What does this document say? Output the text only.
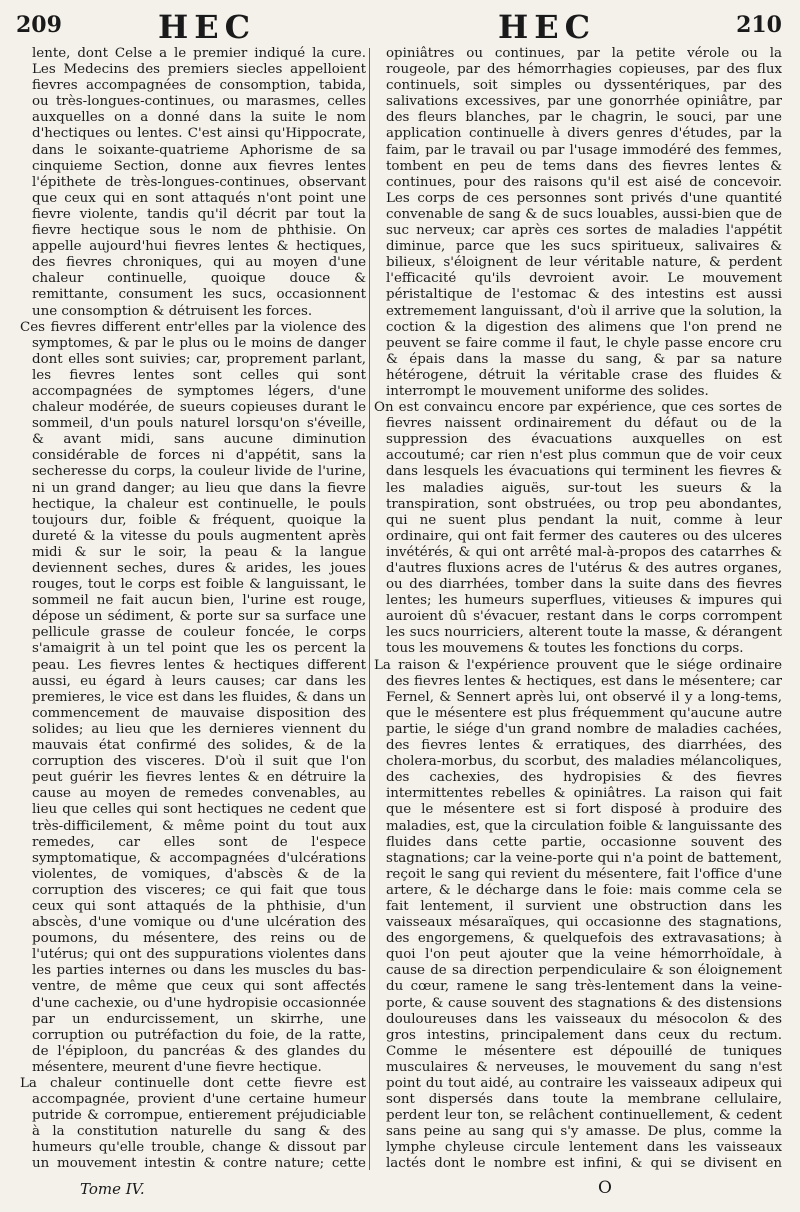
209	HEC	HEC	210

lente, dont Celse a le premier indiqué la cure. Les Medecins des premiers siecles appelloient fievres accompagnées de consomption, tabida, ou très-longues-continues, ou marasmes, celles auxquelles on a donné dans la suite le nom d'hectiques ou lentes. C'est ainsi qu'Hippocrate, dans le soixante-quatrieme Aphorisme de sa cinquieme Section, donne aux fievres lentes l'épithete de très-longues-continues, observant que ceux qui en sont attaqués n'ont point une fievre violente, tandis qu'il décrit par tout la fievre hectique sous le nom de phthisie. On appelle aujourd'hui fievres lentes & hectiques, des fievres chroniques, qui au moyen d'une chaleur continuelle, quoique douce & remittante, consument les sucs, occasionnent une consomption & détruisent les forces.

Ces fievres different entr'elles par la violence des symptomes, & par le plus ou le moins de danger dont elles sont suivies; car, proprement parlant, les fievres lentes sont celles qui sont accompagnées de symptomes légers, d'une chaleur modérée, de sueurs copieuses durant le sommeil, d'un pouls naturel lorsqu'on s'éveille, & avant midi, sans aucune diminution considérable de forces ni d'appétit, sans la secheresse du corps, la couleur livide de l'urine, ni un grand danger; au lieu que dans la fievre hectique, la chaleur est continuelle, le pouls toujours dur, foible & fréquent, quoique la dureté & la vitesse du pouls augmentent après midi & sur le soir, la peau & la langue deviennent seches, dures & arides, les joues rouges, tout le corps est foible & languissant, le sommeil ne fait aucun bien, l'urine est rouge, dépose un sédiment, & porte sur sa surface une pellicule grasse de couleur foncée, le corps s'amaigrit à un tel point que les os percent la peau. Les fievres lentes & hectiques different aussi, eu égard à leurs causes; car dans les premieres, le vice est dans les fluides, & dans un commencement de mauvaise disposition des solides; au lieu que les dernieres viennent du mauvais état confirmé des solides, & de la corruption des visceres. D'où il suit que l'on peut guérir les fievres lentes & en détruire la cause au moyen de remedes convenables, au lieu que celles qui sont hectiques ne cedent que très-difficilement, & même point du tout aux remedes, car elles sont de l'espece symptomatique, & accompagnées d'ulcérations violentes, de vomiques, d'abscès & de la corruption des visceres; ce qui fait que tous ceux qui sont attaqués de la phthisie, d'un abscès, d'une vomique ou d'une ulcération des poumons, du mésentere, des reins ou de l'utérus; qui ont des suppurations violentes dans les parties internes ou dans les muscles du bas-ventre, de même que ceux qui sont affectés d'une cachexie, ou d'une hydropisie occasionnée par un endurcissement, un skirrhe, une corruption ou putréfaction du foie, de la ratte, de l'épiploon, du pancréas & des glandes du mésentere, meurent d'une fievre hectique.

La chaleur continuelle dont cette fievre est accompagnée, provient d'une certaine humeur putride & corrompue, entierement préjudiciable à la constitution naturelle du sang & des humeurs qu'elle trouble, change & dissout par un mouvement intestin & contre nature; cette

opiniâtres ou continues, par la petite vérole ou la rougeole, par des hémorrhagies copieuses, par des flux continuels, soit simples ou dyssentériques, par des salivations excessives, par une gonorrhée opiniâtre, par des fleurs blanches, par le chagrin, le souci, par une application continuelle à divers genres d'études, par la faim, par le travail ou par l'usage immodéré des femmes, tombent en peu de tems dans des fievres lentes & continues, pour des raisons qu'il est aisé de concevoir. Les corps de ces personnes sont privés d'une quantité convenable de sang & de sucs louables, aussi-bien que de suc nerveux; car après ces sortes de maladies l'appétit diminue, parce que les sucs spiritueux, salivaires & bilieux, s'éloignent de leur véritable nature, & perdent l'efficacité qu'ils devroient avoir. Le mouvement péristaltique de l'estomac & des intestins est aussi extremement languissant, d'où il arrive que la solution, la coction & la digestion des alimens que l'on prend ne peuvent se faire comme il faut, le chyle passe encore cru & épais dans la masse du sang, & par sa nature hétérogene, détruit la véritable crase des fluides & interrompt le mouvement uniforme des solides.

On est convaincu encore par expérience, que ces sortes de fievres naissent ordinairement du défaut ou de la suppression des évacuations auxquelles on est accoutumé; car rien n'est plus commun que de voir ceux dans lesquels les évacuations qui terminent les fievres & les maladies aiguës, sur-tout les sueurs & la transpiration, sont obstruées, ou trop peu abondantes, qui ne suent plus pendant la nuit, comme à leur ordinaire, qui ont fait fermer des cauteres ou des ulceres invétérés, & qui ont arrêté mal-à-propos des catarrhes & d'autres fluxions acres de l'utérus & des autres organes, ou des diarrhées, tomber dans la suite dans des fievres lentes; les humeurs superflues, vitieuses & impures qui auroient dû s'évacuer, restant dans le corps corrompent les sucs nourriciers, alterent toute la masse, & dérangent tous les mouvemens & toutes les fonctions du corps.

La raison & l'expérience prouvent que le siége ordinaire des fievres lentes & hectiques, est dans le mésentere; car Fernel, & Sennert après lui, ont observé il y a long-tems, que le mésentere est plus fréquemment qu'aucune autre partie, le siége d'un grand nombre de maladies cachées, des fievres lentes & erratiques, des diarrhées, des cholera-morbus, du scorbut, des maladies mélancoliques, des cachexies, des hydropisies & des fievres intermittentes rebelles & opiniâtres. La raison qui fait que le mésentere est si fort disposé à produire des maladies, est, que la circulation foible & languissante des fluides dans cette partie, occasionne souvent des stagnations; car la veine-porte qui n'a point de battement, reçoit le sang qui revient du mésentere, fait l'office d'une artere, & le décharge dans le foie: mais comme cela se fait lentement, il survient une obstruction dans les vaisseaux mésaraïques, qui occasionne des stagnations, des engorgemens, & quelquefois des extravasations; à quoi l'on peut ajouter que la veine hémorrhoïdale, à cause de sa direction perpendiculaire & son éloignement du cœur, ramene le sang très-lentement dans la veine-porte, & cause souvent des stagnations & des distensions douloureuses dans les vaisseaux du mésocolon & des gros intestins, principalement dans ceux du rectum. Comme le mésentere est dépouillé de tuniques musculaires & nerveuses, le mouvement du sang n'est point du tout aidé, au contraire les vaisseaux adipeux qui sont dispersés dans toute la membrane cellulaire, perdent leur ton, se relâchent continuellement, & cedent sans peine au sang qui s'y amasse. De plus, comme la lymphe chyleuse circule lentement dans les vaisseaux lactés dont le nombre est infini, & qui se divisent en

Tome IV.	O
